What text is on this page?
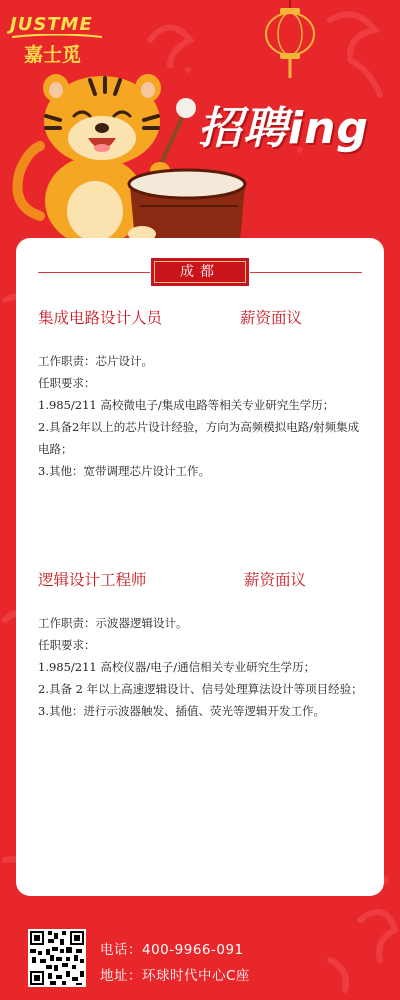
JUSTME
嘉士觅
招聘ing
成都
集成电路设计人员	薪资面议

工作职责：芯片设计。

任职要求：

1.985/211 高校微电子/集成电路等相关专业研究生学历；

2.具备2年以上的芯片设计经验，方向为高频模拟电路/射频集成

电路；

3.其他：宽带调理芯片设计工作。

逻辑设计工程师	薪资面议

工作职责：示波器逻辑设计。

任职要求：

1.985/211 高校仪器/电子/通信相关专业研究生学历；

2.具备 2 年以上高速逻辑设计、信号处理算法设计等项目经验；

3.其他：进行示波器触发、插值、荧光等逻辑开发工作。

电话：400-9966-091
地址：环球时代中心C座
